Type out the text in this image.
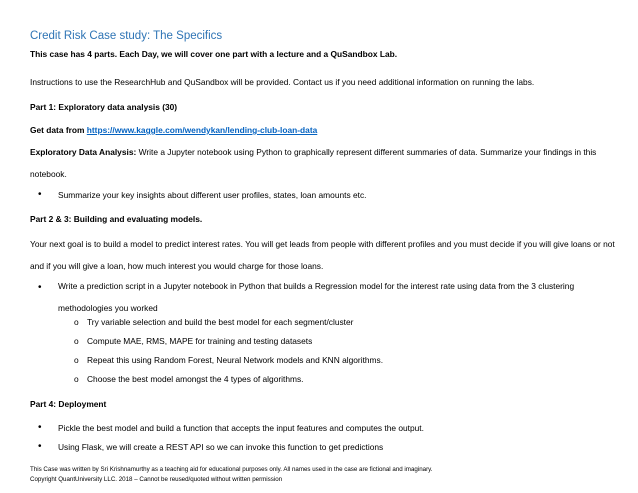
Credit Risk Case study: The Specifics
This case has 4 parts. Each Day, we will cover one part with a lecture and a QuSandbox Lab.
Instructions to use the ResearchHub and QuSandbox will be provided. Contact us if you need additional information on running the labs.
Part 1: Exploratory data analysis (30)
Get data from https://www.kaggle.com/wendykan/lending-club-loan-data
Exploratory Data Analysis: Write a Jupyter notebook using Python to graphically represent different summaries of data. Summarize your findings in this notebook.
• Summarize your key insights about different user profiles, states, loan amounts etc.
Part 2 & 3: Building and evaluating models.
Your next goal is to build a model to predict interest rates. You will get leads from people with different profiles and you must decide if you will give loans or not and if you will give a loan, how much interest you would charge for those loans.
• Write a prediction script in a Jupyter notebook in Python that builds a Regression model for the interest rate using data from the 3 clustering methodologies you worked
o Try variable selection and build the best model for each segment/cluster
o Compute MAE, RMS, MAPE for training and testing datasets
o Repeat this using Random Forest, Neural Network models and KNN algorithms.
o Choose the best model amongst the 4 types of algorithms.
Part 4: Deployment
• Pickle the best model and build a function that accepts the input features and computes the output.
• Using Flask, we will create a REST API so we can invoke this function to get predictions
This Case was written by Sri Krishnamurthy as a teaching aid for educational purposes only. All names used in the case are fictional and imaginary.
Copyright QuantUniversity LLC. 2018 – Cannot be reused/quoted without written permission
